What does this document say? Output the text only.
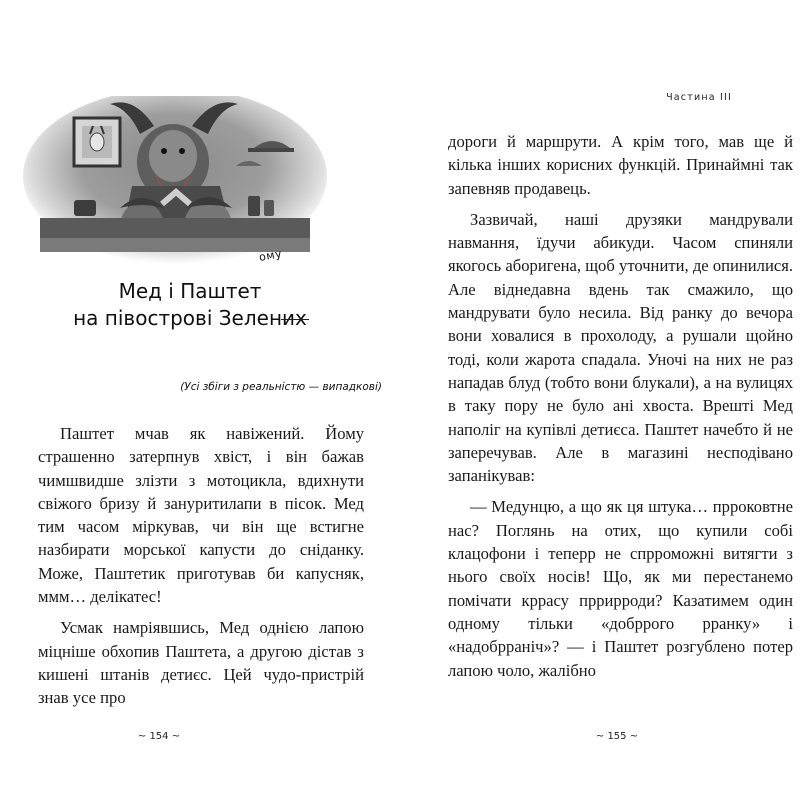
ому
Мед і Паштет
на півострові Зелених
(Усі збіги з реальністю — випадкові)

Паштет мчав як навіжений. Йому страшенно затерпнув хвіст, і він бажав чимшвидше злізти з мотоцикла, вдихнути свіжого бризу й зануритилапи в пісок. Мед тим часом міркував, чи він ще встигне назбирати морської капусти до сніданку. Може, Паштетик приготував би капусняк, ммм… делікатес!

Усмак намріявшись, Мед однією лапою міцніше обхопив Паштета, а другою дістав з кишені штанів детиєс. Цей чудо-пристрій знав усе про

~ 154 ~
Частина III

дороги й маршрути. А крім того, мав ще й кілька інших корисних функцій. Принаймні так запевняв продавець.

Зазвичай, наші друзяки мандрували навмання, їдучи абикуди. Часом спиняли якогось аборигена, щоб уточнити, де опинилися. Але віднедавна вдень так смажило, що мандрувати було несила. Від ранку до вечора вони ховалися в прохолоду, а рушали щойно тоді, коли жарота спадала. Уночі на них не раз нападав блуд (тобто вони блукали), а на вулицях в таку пору не було ані хвоста. Врешті Мед наполіг на купівлі детиєса. Паштет начебто й не заперечував. Але в магазині несподівано запанікував:

— Медунцю, а що як ця штука… прроковтне нас? Поглянь на отих, що купили собі клацофони і теперр не спрроможні витягти з нього своїх носів! Що, як ми перестанемо помічати кррасу пррирроди? Казатимем один одному тільки «добррого рранку» і «надобрраніч»? — і Паштет розгублено потер лапою чоло, жалібно

~ 155 ~
